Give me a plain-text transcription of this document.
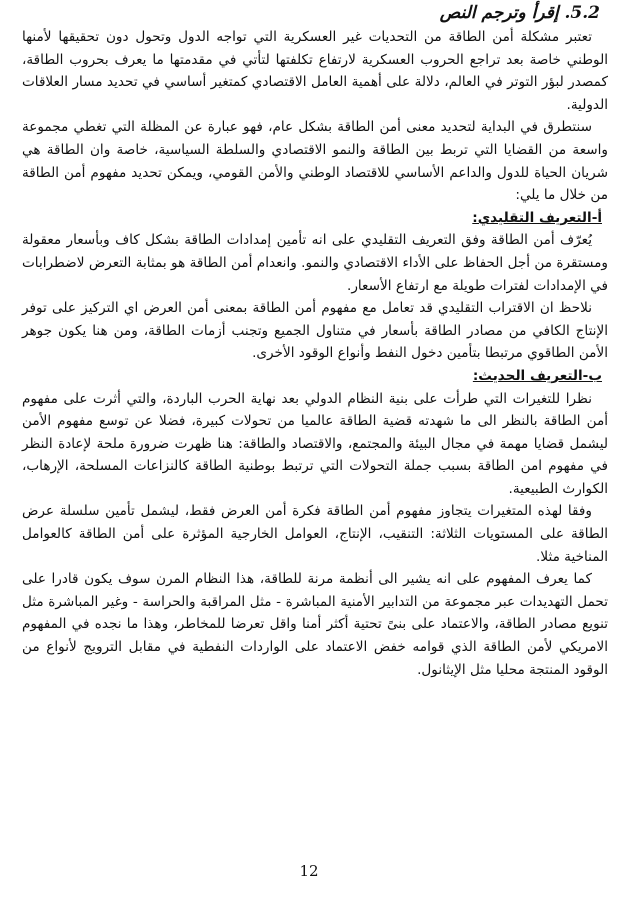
5.2. إقرأ وترجم النص

تعتبر مشكلة أمن الطاقة من التحديات غير العسكرية التي تواجه الدول وتحول دون تحقيقها لأمنها الوطني خاصة بعد تراجع الحروب العسكرية لارتفاع تكلفتها لتأتي في مقدمتها ما يعرف بحروب الطاقة، كمصدر لبؤر التوتر في العالم، دلالة على أهمية العامل الاقتصادي كمتغير أساسي في تحديد مسار العلاقات الدولية.

سنتطرق في البداية لتحديد معنى أمن الطاقة بشكل عام، فهو عبارة عن المظلة التي تغطي مجموعة واسعة من القضايا التي تربط بين الطاقة والنمو الاقتصادي والسلطة السياسية، خاصة وان الطاقة هي شريان الحياة للدول والداعم الأساسي للاقتصاد الوطني والأمن القومي، ويمكن تحديد مفهوم أمن الطاقة من خلال ما يلي:

أ-التعريف التقليدي:

يُعرّف أمن الطاقة وفق التعريف التقليدي على انه تأمين إمدادات الطاقة بشكل كاف وبأسعار معقولة ومستقرة من أجل الحفاظ على الأداء الاقتصادي والنمو. وانعدام أمن الطاقة هو بمثابة التعرض لاضطرابات في الإمدادات لفترات طويلة مع ارتفاع الأسعار.

نلاحظ ان الاقتراب التقليدي قد تعامل مع مفهوم أمن الطاقة بمعنى أمن العرض اي التركيز على توفر الإنتاج الكافي من مصادر الطاقة بأسعار في متناول الجميع وتجنب أزمات الطاقة، ومن هنا يكون جوهر الأمن الطاقوي مرتبطا بتأمين دخول النفط وأنواع الوقود الأخرى.

ب-التعريف الحديث:

نظرا للتغيرات التي طرأت على بنية النظام الدولي بعد نهاية الحرب الباردة، والتي أثرت على مفهوم أمن الطاقة بالنظر الى ما شهدته قضية الطاقة عالميا من تحولات كبيرة، فضلا عن توسع مفهوم الأمن ليشمل قضايا مهمة في مجال البيئة والمجتمع، والاقتصاد والطاقة: هنا ظهرت ضرورة ملحة لإعادة النظر في مفهوم امن الطاقة بسبب جملة التحولات التي ترتبط بوطنية الطاقة كالنزاعات المسلحة، الإرهاب، الكوارث الطبيعية.

وفقا لهذه المتغيرات يتجاوز مفهوم أمن الطاقة فكرة أمن العرض فقط، ليشمل تأمين سلسلة عرض الطاقة على المستويات الثلاثة: التنقيب، الإنتاج، العوامل الخارجية المؤثرة على أمن الطاقة كالعوامل المناخية مثلا.

كما يعرف المفهوم على انه يشير الى أنظمة مرنة للطاقة، هذا النظام المرن سوف يكون قادرا على تحمل التهديدات عبر مجموعة من التدابير الأمنية المباشرة - مثل المراقبة والحراسة - وغير المباشرة مثل تنويع مصادر الطاقة، والاعتماد على بنىً تحتية أكثر أمنا واقل تعرضا للمخاطر، وهذا ما نجده في المفهوم الامريكي لأمن الطاقة الذي قوامه خفض الاعتماد على الواردات النفطية في مقابل الترويج لأنواع من الوقود المنتجة محليا مثل الإيثانول.

12
